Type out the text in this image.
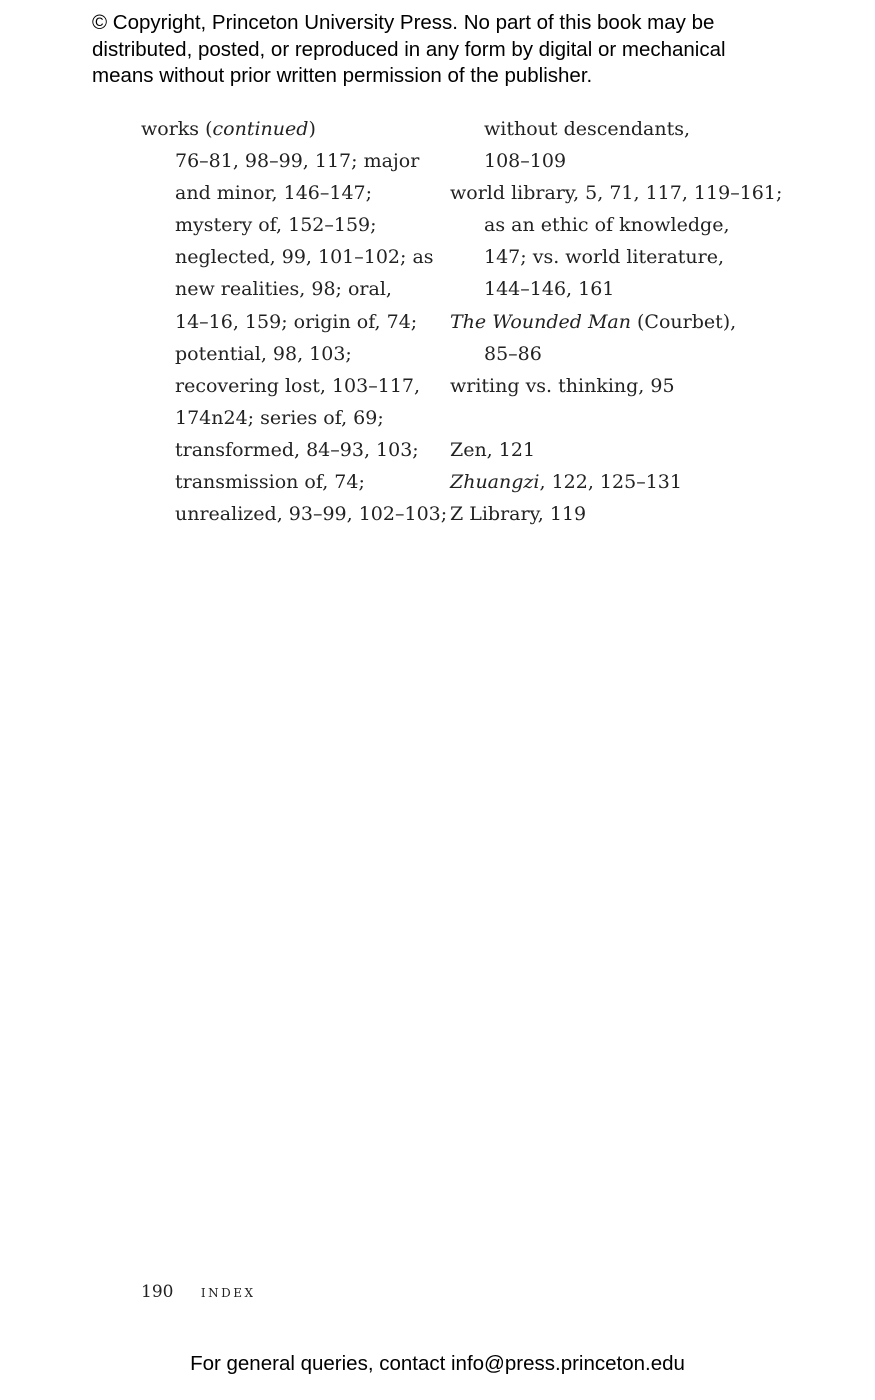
© Copyright, Princeton University Press. No part of this book may be
distributed, posted, or reproduced in any form by digital or mechanical
means without prior written permission of the publisher.
works (continued)
76–81, 98–99, 117; major
and minor, 146–147;
mystery of, 152–159;
neglected, 99, 101–102; as
new realities, 98; oral,
14–16, 159; origin of, 74;
potential, 98, 103;
recovering lost, 103–117,
174n24; series of, 69;
transformed, 84–93, 103;
transmission of, 74;
unrealized, 93–99, 102–103;
without descendants,
108–109
world library, 5, 71, 117, 119–161;
as an ethic of knowledge,
147; vs. world literature,
144–146, 161
The Wounded Man (Courbet),
85–86
writing vs. thinking, 95
Zen, 121
Zhuangzi, 122, 125–131
Z Library, 119
190 index
For general queries, contact info@press.princeton.edu
